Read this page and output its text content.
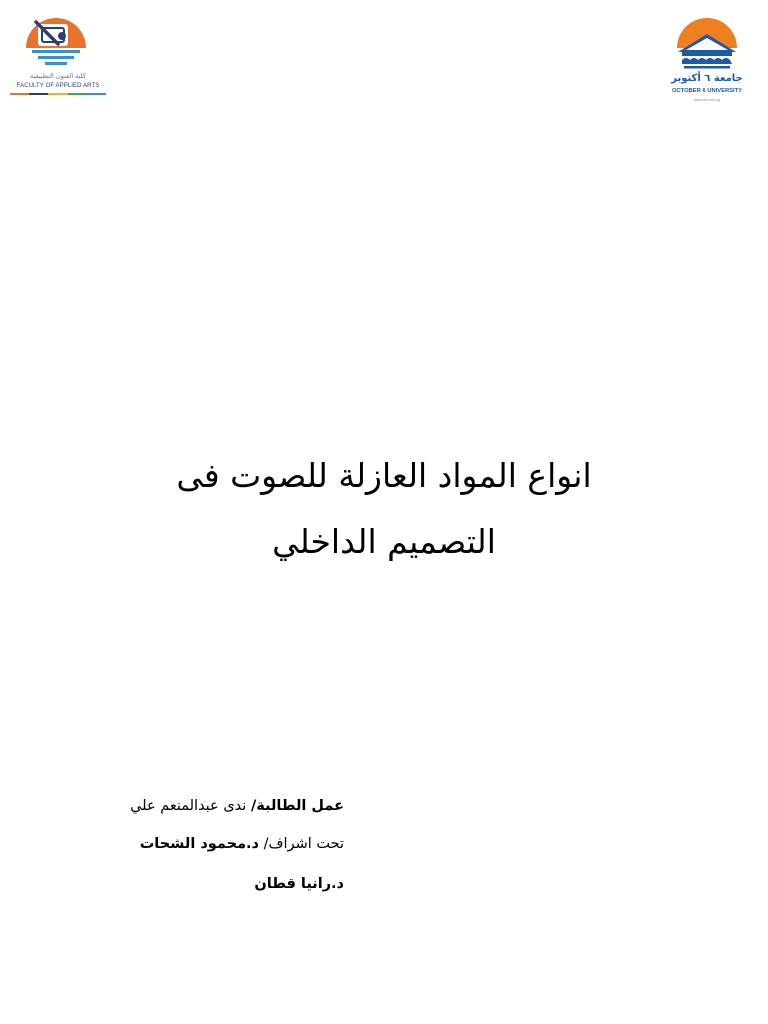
كلية الفنون التطبيقية
FACULTY OF APPLIED ARTS
جامعة ٦ أكتوبر
OCTOBER 6 UNIVERSITY
www.o6u.edu.eg
انواع المواد العازلة للصوت فى
التصميم الداخلي
عمل الطالبة/ ندى عبدالمنعم علي
تحت اشراف/ د.محمود الشحات
د.رانيا قطان
